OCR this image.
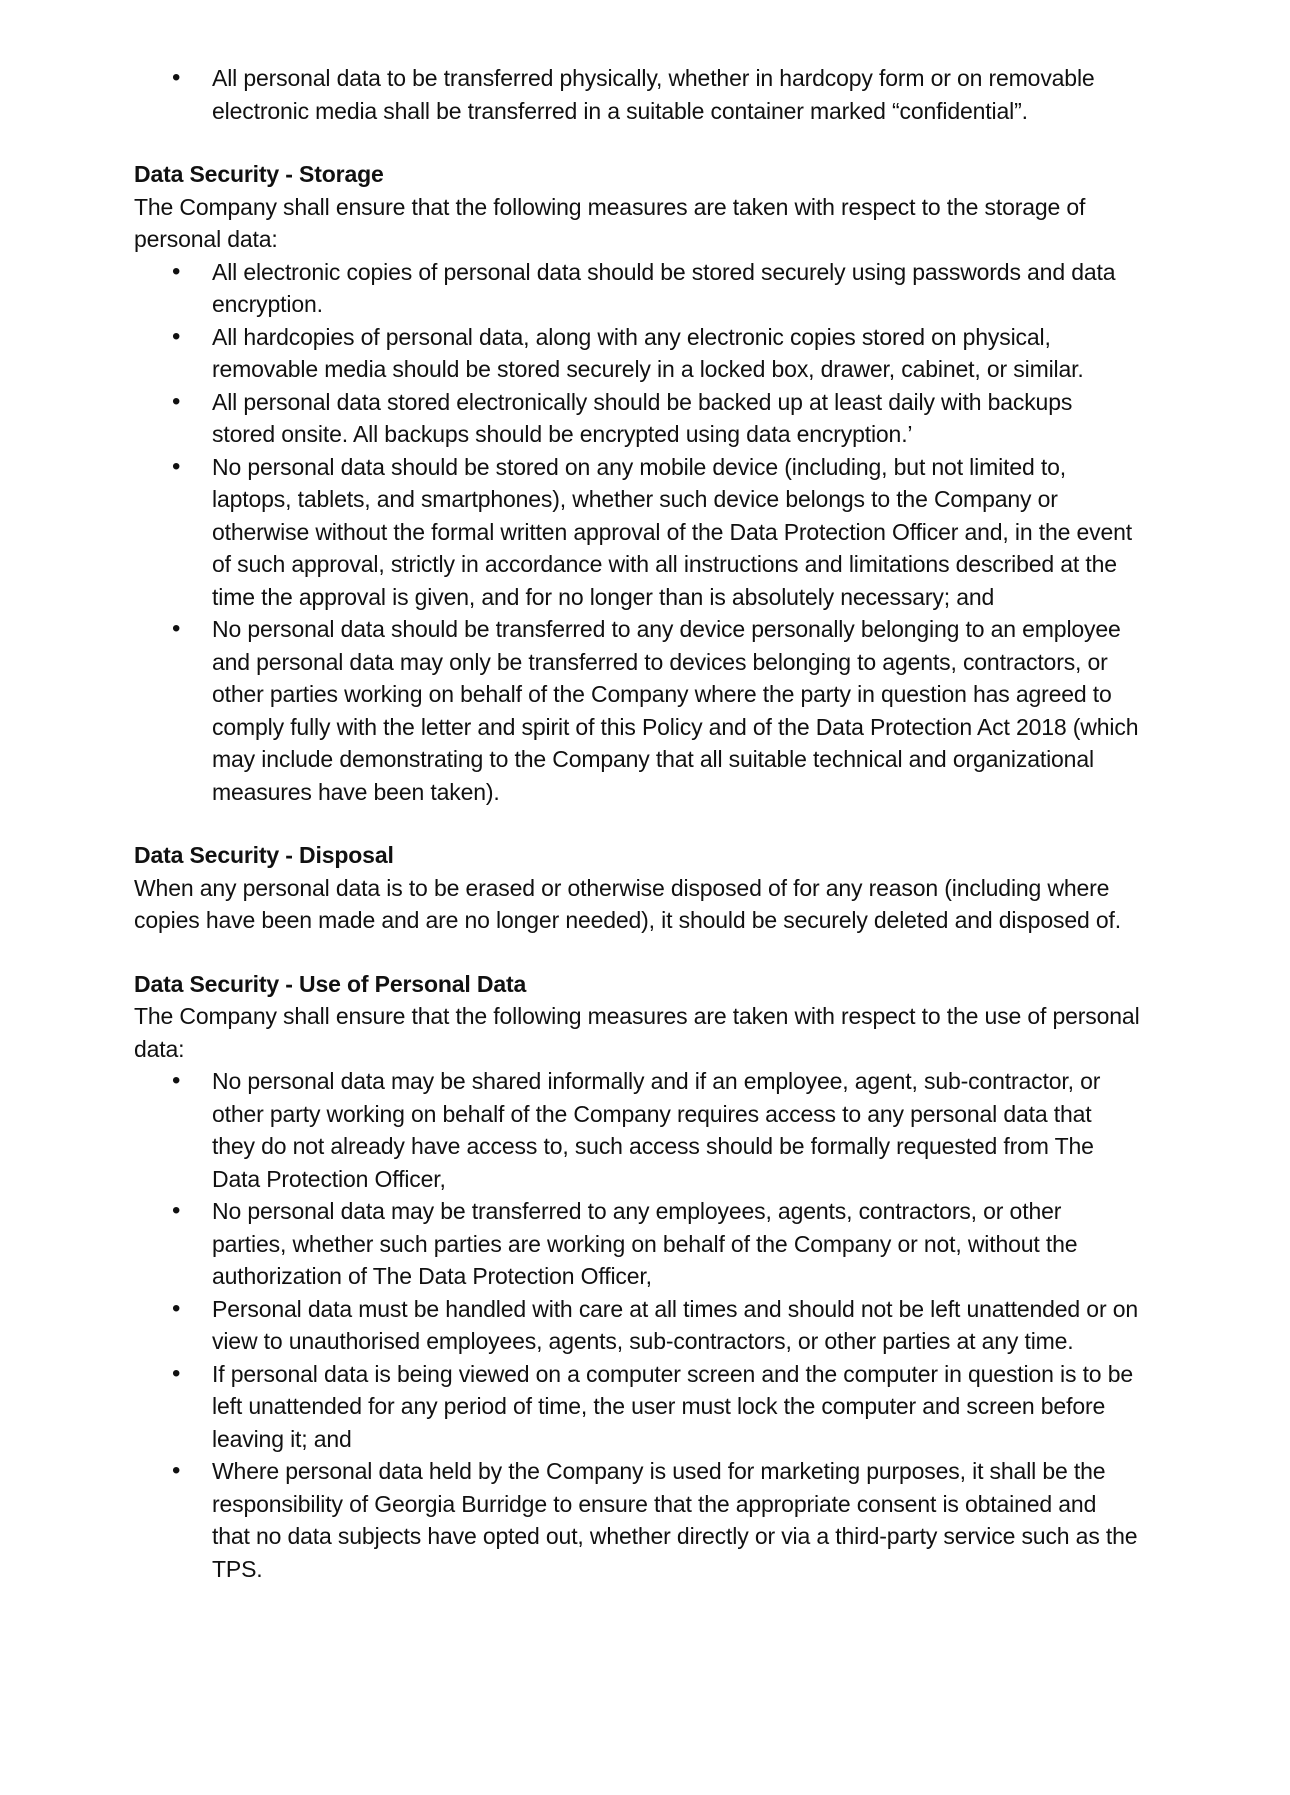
• All personal data to be transferred physically, whether in hardcopy form or on removable electronic media shall be transferred in a suitable container marked “confidential”.
Data Security - Storage

The Company shall ensure that the following measures are taken with respect to the storage of personal data:

• All electronic copies of personal data should be stored securely using passwords and data encryption.
• All hardcopies of personal data, along with any electronic copies stored on physical, removable media should be stored securely in a locked box, drawer, cabinet, or similar.
• All personal data stored electronically should be backed up at least daily with backups stored onsite. All backups should be encrypted using data encryption.’
• No personal data should be stored on any mobile device (including, but not limited to, laptops, tablets, and smartphones), whether such device belongs to the Company or otherwise without the formal written approval of the Data Protection Officer and, in the event of such approval, strictly in accordance with all instructions and limitations described at the time the approval is given, and for no longer than is absolutely necessary; and
• No personal data should be transferred to any device personally belonging to an employee and personal data may only be transferred to devices belonging to agents, contractors, or other parties working on behalf of the Company where the party in question has agreed to comply fully with the letter and spirit of this Policy and of the Data Protection Act 2018 (which may include demonstrating to the Company that all suitable technical and organizational measures have been taken).
Data Security - Disposal

When any personal data is to be erased or otherwise disposed of for any reason (including where copies have been made and are no longer needed), it should be securely deleted and disposed of.

Data Security - Use of Personal Data

The Company shall ensure that the following measures are taken with respect to the use of personal data:

• No personal data may be shared informally and if an employee, agent, sub-contractor, or other party working on behalf of the Company requires access to any personal data that they do not already have access to, such access should be formally requested from The Data Protection Officer,
• No personal data may be transferred to any employees, agents, contractors, or other parties, whether such parties are working on behalf of the Company or not, without the authorization of The Data Protection Officer,
• Personal data must be handled with care at all times and should not be left unattended or on view to unauthorised employees, agents, sub-contractors, or other parties at any time.
• If personal data is being viewed on a computer screen and the computer in question is to be left unattended for any period of time, the user must lock the computer and screen before leaving it; and
• Where personal data held by the Company is used for marketing purposes, it shall be the responsibility of Georgia Burridge to ensure that the appropriate consent is obtained and that no data subjects have opted out, whether directly or via a third-party service such as the TPS.
